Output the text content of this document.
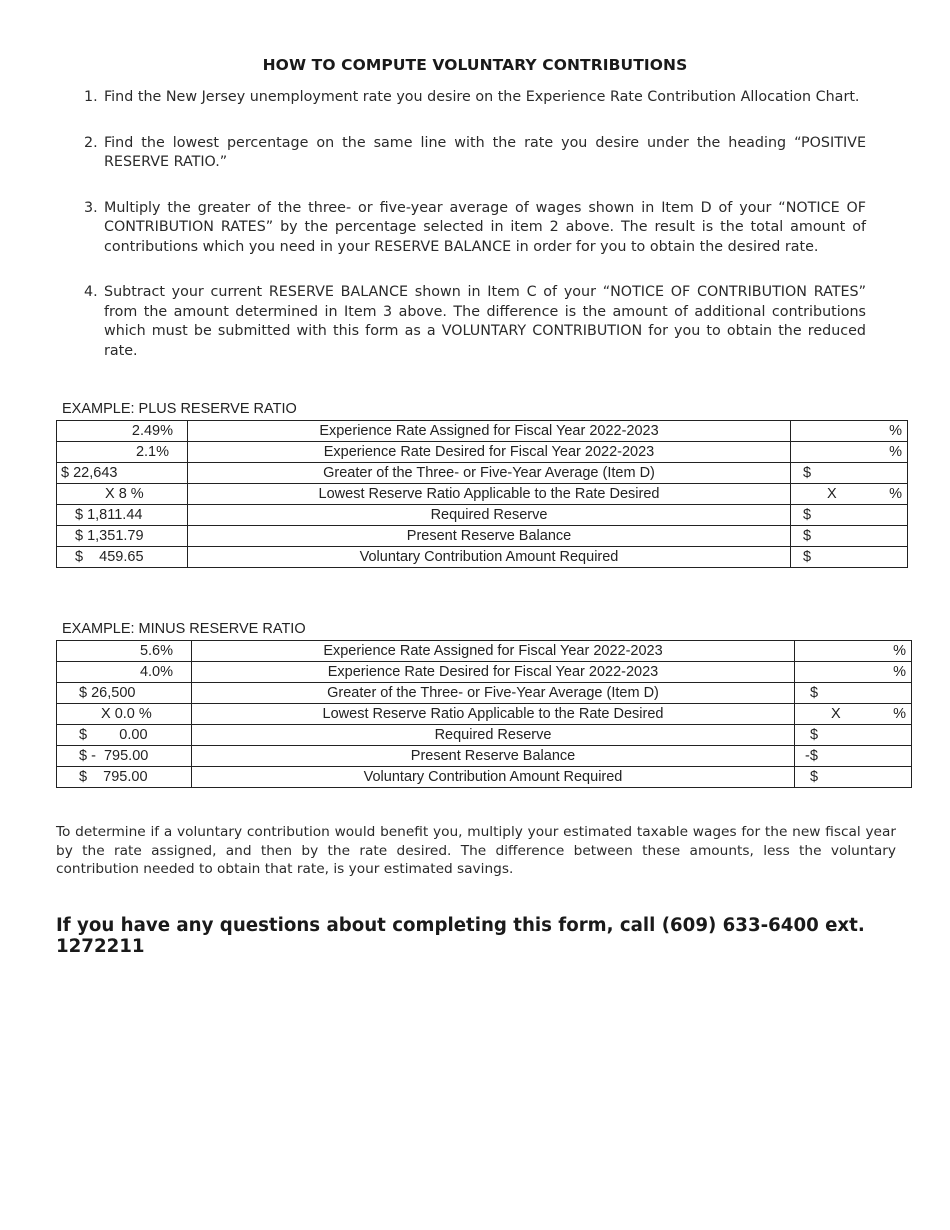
HOW TO COMPUTE VOLUNTARY CONTRIBUTIONS
1. Find the New Jersey unemployment rate you desire on the Experience Rate Contribution Allocation Chart.
2. Find the lowest percentage on the same line with the rate you desire under the heading “POSITIVE RESERVE RATIO.”
3. Multiply the greater of the three- or five-year average of wages shown in Item D of your “NOTICE OF CONTRIBUTION RATES” by the percentage selected in item 2 above. The result is the total amount of contributions which you need in your RESERVE BALANCE in order for you to obtain the desired rate.
4. Subtract your current RESERVE BALANCE shown in Item C of your “NOTICE OF CONTRIBUTION RATES” from the amount determined in Item 3 above. The difference is the amount of additional contributions which must be submitted with this form as a VOLUNTARY CONTRIBUTION for you to obtain the reduced rate.
EXAMPLE: PLUS RESERVE RATIO
2.49%	Experience Rate Assigned for Fiscal Year 2022-2023	%

2.1%	Experience Rate Desired for Fiscal Year 2022-2023	%

$ 22,643	Greater of the Three- or Five-Year Average (Item D)	$
X 8 %	Lowest Reserve Ratio Applicable to the Rate Desired	X %

$ 1,811.44	Required Reserve	$
$ 1,351.79	Present Reserve Balance	$
$    459.65	Voluntary Contribution Amount Required	$
EXAMPLE: MINUS RESERVE RATIO
5.6%	Experience Rate Assigned for Fiscal Year 2022-2023	%

4.0%	Experience Rate Desired for Fiscal Year 2022-2023	%

$ 26,500	Greater of the Three- or Five-Year Average (Item D)	$
X 0.0 %	Lowest Reserve Ratio Applicable to the Rate Desired	X %

$        0.00	Required Reserve	$
$ -  795.00	Present Reserve Balance	-$
$    795.00	Voluntary Contribution Amount Required	$
To determine if a voluntary contribution would benefit you, multiply your estimated taxable wages for the new fiscal year by the rate assigned, and then by the rate desired. The difference between these amounts, less the voluntary contribution needed to obtain that rate, is your estimated savings.
If you have any questions about completing this form, call (609) 633-6400 ext. 1272211
